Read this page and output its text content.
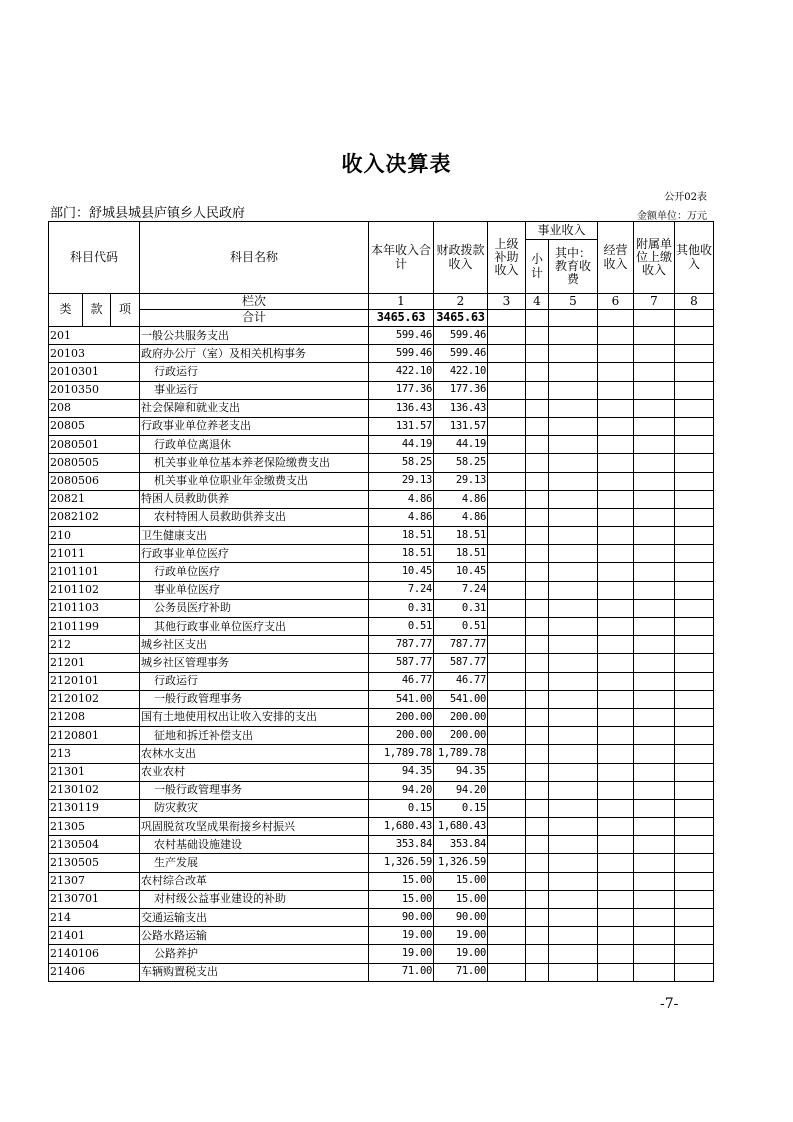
收入决算表
公开02表
部门：舒城县城县庐镇乡人民政府	金额单位：万元
科目代码			科目名称	本年收入合计	财政拨款收入	上级补助收入	事业收入		经营收入	附属单位上缴收入	其他收入
							小计	其中：教育收费			
类	款	项	栏次	1	2	3	4	5	6	7	8
			合计	3465.63	3465.63						
201			一般公共服务支出	599.46	599.46						
20103			政府办公厅（室）及相关机构事务	599.46	599.46						
2010301			行政运行	422.10	422.10						
2010350			事业运行	177.36	177.36						
208			社会保障和就业支出	136.43	136.43						
20805			行政事业单位养老支出	131.57	131.57						
2080501			行政单位离退休	44.19	44.19						
2080505			机关事业单位基本养老保险缴费支出	58.25	58.25						
2080506			机关事业单位职业年金缴费支出	29.13	29.13						
20821			特困人员救助供养	4.86	4.86						
2082102			农村特困人员救助供养支出	4.86	4.86						
210			卫生健康支出	18.51	18.51						
21011			行政事业单位医疗	18.51	18.51						
2101101			行政单位医疗	10.45	10.45						
2101102			事业单位医疗	7.24	7.24						
2101103			公务员医疗补助	0.31	0.31						
2101199			其他行政事业单位医疗支出	0.51	0.51						
212			城乡社区支出	787.77	787.77						
21201			城乡社区管理事务	587.77	587.77						
2120101			行政运行	46.77	46.77						
2120102			一般行政管理事务	541.00	541.00						
21208			国有土地使用权出让收入安排的支出	200.00	200.00						
2120801			征地和拆迁补偿支出	200.00	200.00						
213			农林水支出	1,789.78	1,789.78						
21301			农业农村	94.35	94.35						
2130102			一般行政管理事务	94.20	94.20						
2130119			防灾救灾	0.15	0.15						
21305			巩固脱贫攻坚成果衔接乡村振兴	1,680.43	1,680.43						
2130504			农村基础设施建设	353.84	353.84						
2130505			生产发展	1,326.59	1,326.59						
21307			农村综合改革	15.00	15.00						
2130701			对村级公益事业建设的补助	15.00	15.00						
214			交通运输支出	90.00	90.00						
21401			公路水路运输	19.00	19.00						
2140106			公路养护	19.00	19.00						
21406			车辆购置税支出	71.00	71.00						
-7-
